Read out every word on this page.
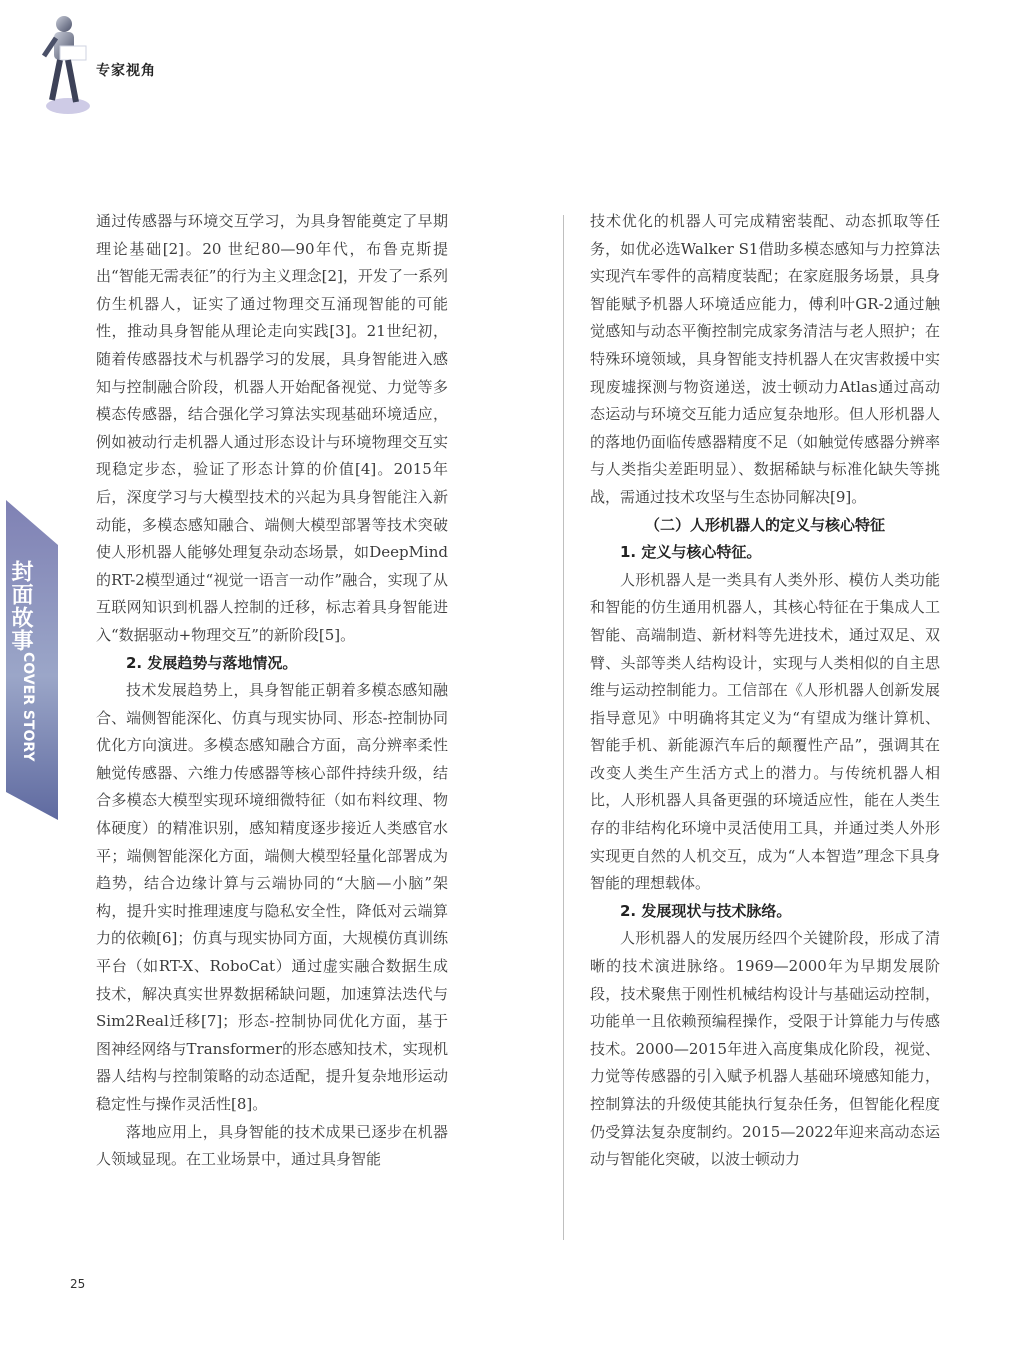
专家视角
封面故事
COVER STORY

通过传感器与环境交互学习，为具身智能奠定了早期理论基础[2]。20 世纪80—90年代，布鲁克斯提出“智能无需表征”的行为主义理念[2]，开发了一系列仿生机器人，证实了通过物理交互涌现智能的可能性，推动具身智能从理论走向实践[3]。21世纪初，随着传感器技术与机器学习的发展，具身智能进入感知与控制融合阶段，机器人开始配备视觉、力觉等多模态传感器，结合强化学习算法实现基础环境适应，例如被动行走机器人通过形态设计与环境物理交互实现稳定步态，验证了形态计算的价值[4]。2015年后，深度学习与大模型技术的兴起为具身智能注入新动能，多模态感知融合、端侧大模型部署等技术突破使人形机器人能够处理复杂动态场景，如DeepMind的RT-2模型通过“视觉一语言一动作”融合，实现了从互联网知识到机器人控制的迁移，标志着具身智能进入“数据驱动+物理交互”的新阶段[5]。

2. 发展趋势与落地情况。

技术发展趋势上，具身智能正朝着多模态感知融合、端侧智能深化、仿真与现实协同、形态-控制协同优化方向演进。多模态感知融合方面，高分辨率柔性触觉传感器、六维力传感器等核心部件持续升级，结合多模态大模型实现环境细微特征（如布料纹理、物体硬度）的精准识别，感知精度逐步接近人类感官水平；端侧智能深化方面，端侧大模型轻量化部署成为趋势，结合边缘计算与云端协同的“大脑—小脑”架构，提升实时推理速度与隐私安全性，降低对云端算力的依赖[6]；仿真与现实协同方面，大规模仿真训练平台（如RT-X、RoboCat）通过虚实融合数据生成技术，解决真实世界数据稀缺问题，加速算法迭代与Sim2Real迁移[7]；形态-控制协同优化方面，基于图神经网络与Transformer的形态感知技术，实现机器人结构与控制策略的动态适配，提升复杂地形运动稳定性与操作灵活性[8]。

落地应用上，具身智能的技术成果已逐步在机器人领域显现。在工业场景中，通过具身智能

技术优化的机器人可完成精密装配、动态抓取等任务，如优必选Walker S1借助多模态感知与力控算法实现汽车零件的高精度装配；在家庭服务场景，具身智能赋予机器人环境适应能力，傅利叶GR-2通过触觉感知与动态平衡控制完成家务清洁与老人照护；在特殊环境领域，具身智能支持机器人在灾害救援中实现废墟探测与物资递送，波士顿动力Atlas通过高动态运动与环境交互能力适应复杂地形。但人形机器人的落地仍面临传感器精度不足（如触觉传感器分辨率与人类指尖差距明显）、数据稀缺与标准化缺失等挑战，需通过技术攻坚与生态协同解决[9]。

（二）人形机器人的定义与核心特征

1. 定义与核心特征。

人形机器人是一类具有人类外形、模仿人类功能和智能的仿生通用机器人，其核心特征在于集成人工智能、高端制造、新材料等先进技术，通过双足、双臂、头部等类人结构设计，实现与人类相似的自主思维与运动控制能力。工信部在《人形机器人创新发展指导意见》中明确将其定义为“有望成为继计算机、智能手机、新能源汽车后的颠覆性产品”，强调其在改变人类生产生活方式上的潜力。与传统机器人相比，人形机器人具备更强的环境适应性，能在人类生存的非结构化环境中灵活使用工具，并通过类人外形实现更自然的人机交互，成为“人本智造”理念下具身智能的理想载体。

2. 发展现状与技术脉络。

人形机器人的发展历经四个关键阶段，形成了清晰的技术演进脉络。1969—2000年为早期发展阶段，技术聚焦于刚性机械结构设计与基础运动控制，功能单一且依赖预编程操作，受限于计算能力与传感技术。2000—2015年进入高度集成化阶段，视觉、力觉等传感器的引入赋予机器人基础环境感知能力，控制算法的升级使其能执行复杂任务，但智能化程度仍受算法复杂度制约。2015—2022年迎来高动态运动与智能化突破，以波士顿动力

25
